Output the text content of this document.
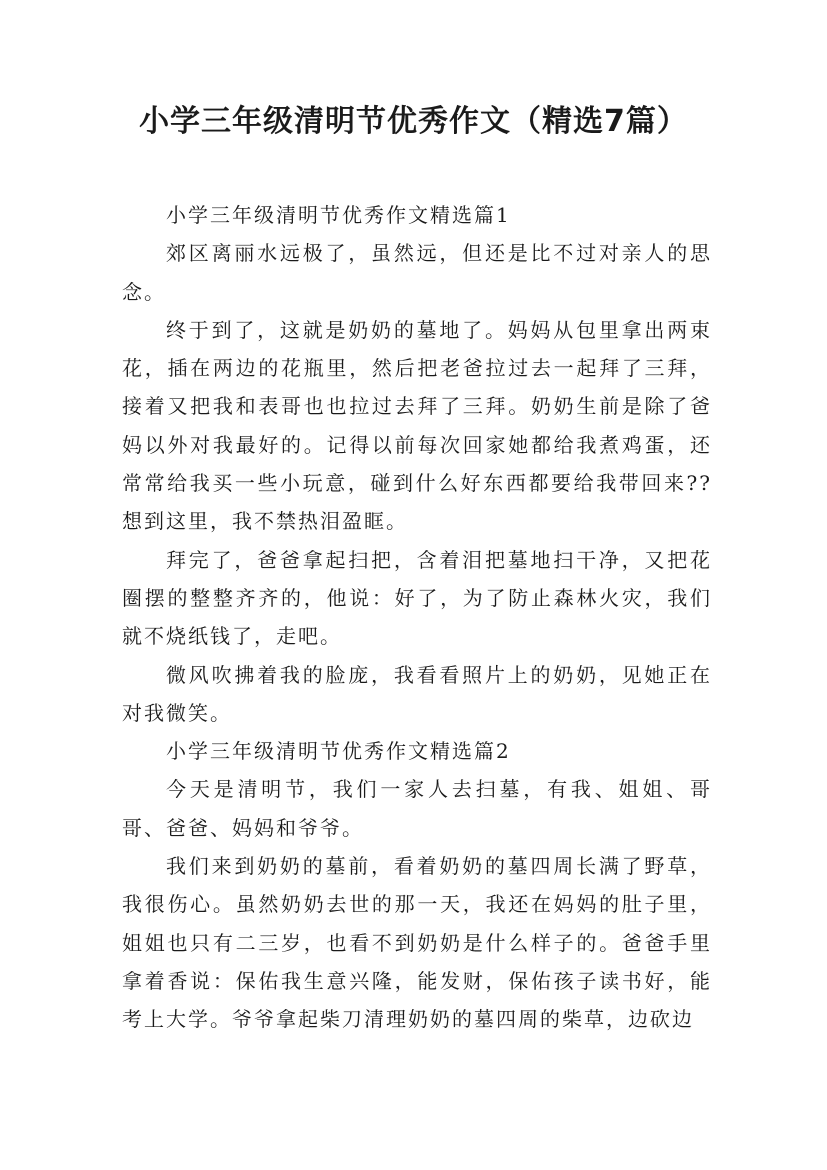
小学三年级清明节优秀作文（精选7篇）

小学三年级清明节优秀作文精选篇1

郊区离丽水远极了，虽然远，但还是比不过对亲人的思念。

终于到了，这就是奶奶的墓地了。妈妈从包里拿出两束花，插在两边的花瓶里，然后把老爸拉过去一起拜了三拜，接着又把我和表哥也也拉过去拜了三拜。奶奶生前是除了爸妈以外对我最好的。记得以前每次回家她都给我煮鸡蛋，还常常给我买一些小玩意，碰到什么好东西都要给我带回来??想到这里，我不禁热泪盈眶。

拜完了，爸爸拿起扫把，含着泪把墓地扫干净，又把花圈摆的整整齐齐的，他说：好了，为了防止森林火灾，我们就不烧纸钱了，走吧。

微风吹拂着我的脸庞，我看看照片上的奶奶，见她正在对我微笑。

小学三年级清明节优秀作文精选篇2

今天是清明节，我们一家人去扫墓，有我、姐姐、哥哥、爸爸、妈妈和爷爷。

我们来到奶奶的墓前，看着奶奶的墓四周长满了野草，我很伤心。虽然奶奶去世的那一天，我还在妈妈的肚子里，姐姐也只有二三岁，也看不到奶奶是什么样子的。爸爸手里拿着香说：保佑我生意兴隆，能发财，保佑孩子读书好，能考上大学。爷爷拿起柴刀清理奶奶的墓四周的柴草，边砍边
